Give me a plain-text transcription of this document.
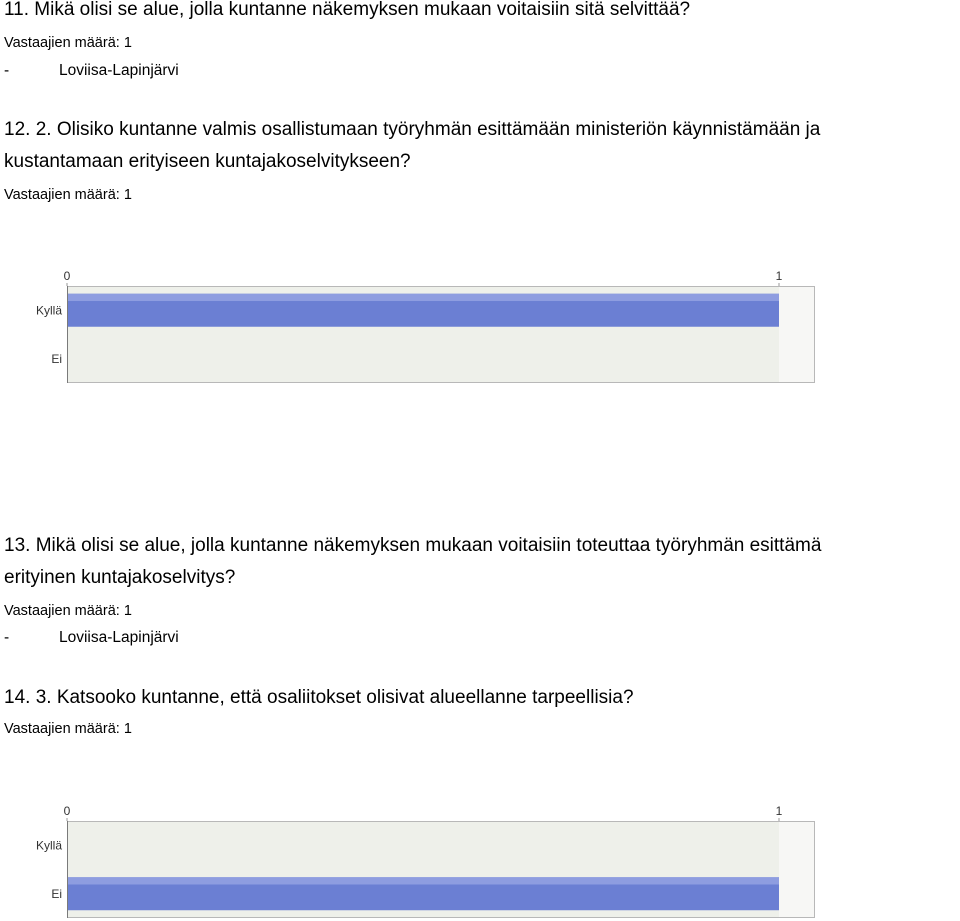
11. Mikä olisi se alue, jolla kuntanne näkemyksen mukaan voitaisiin sitä selvittää?
Vastaajien määrä: 1
-	Loviisa-Lapinjärvi
12. 2. Olisiko kuntanne valmis osallistumaan työryhmän esittämään ministeriön käynnistämään ja
kustantamaan erityiseen kuntajakoselvitykseen?
Vastaajien määrä: 1
0	1
Kyllä
Ei
13. Mikä olisi se alue, jolla kuntanne näkemyksen mukaan voitaisiin toteuttaa työryhmän esittämä
erityinen kuntajakoselvitys?
Vastaajien määrä: 1
-	Loviisa-Lapinjärvi
14. 3. Katsooko kuntanne, että osaliitokset olisivat alueellanne tarpeellisia?
Vastaajien määrä: 1
0	1
Kyllä
Ei
